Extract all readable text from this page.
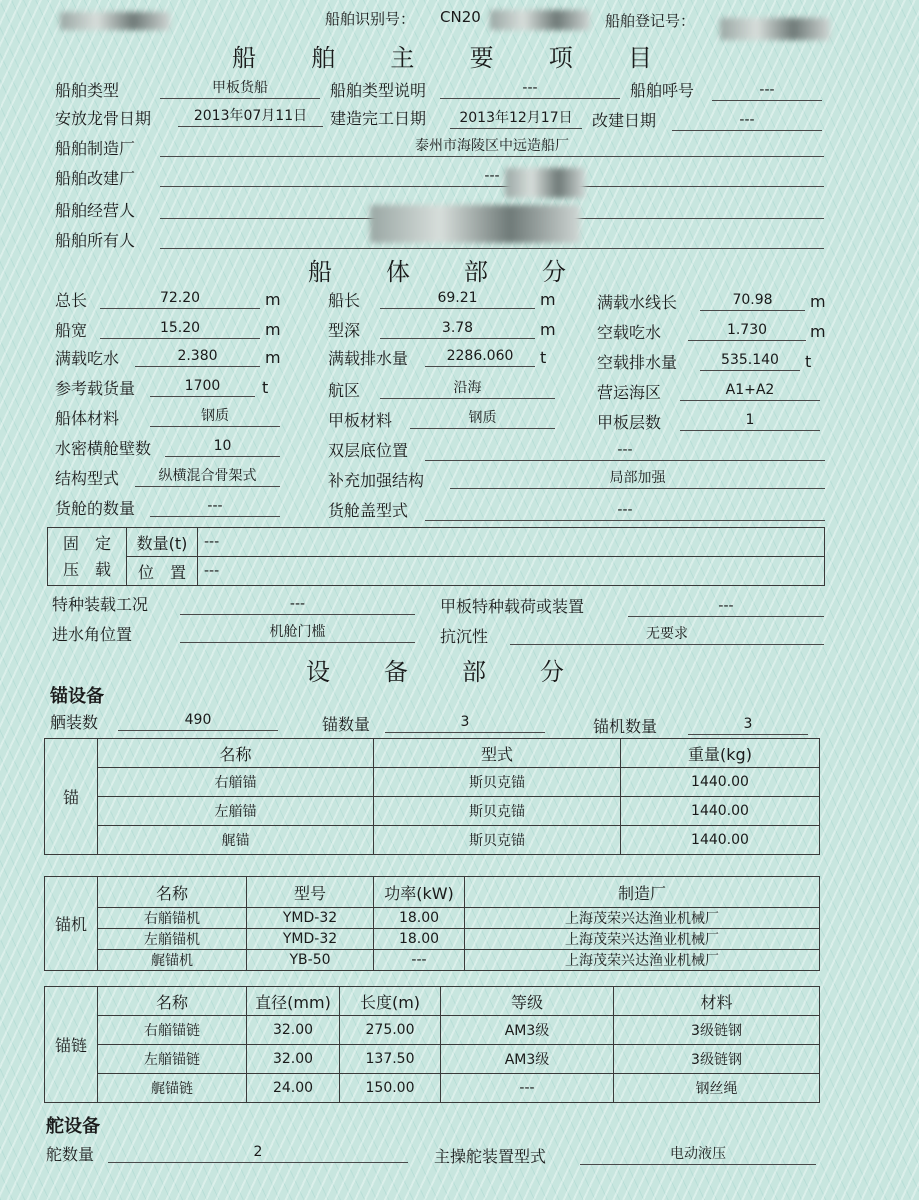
船舶识别号： CN20	船舶登记号：
船 舶 主 要 项 目
船舶类型	甲板货船	船舶类型说明	---	船舶呼号	---
安放龙骨日期	2013年07月11日	建造完工日期	2013年12月17日	改建日期	---
船舶制造厂	泰州市海陵区中远造船厂
船舶改建厂	---
船舶经营人
船舶所有人
船 体 部 分
总长	72.20	m	船长	69.21	m	满载水线长	70.98	m
船宽	15.20	m	型深	3.78	m	空载吃水	1.730	m
满载吃水	2.380	m	满载排水量	2286.060	t	空载排水量	535.140	t
参考载货量	1700	t	航区	沿海	营运海区	A1+A2
船体材料	钢质	甲板材料	钢质	甲板层数	1
水密横舱壁数	10	双层底位置	---
结构型式	纵横混合骨架式	补充加强结构	局部加强
货舱的数量	---	货舱盖型式	---
固　定
压　载	数量(t)	---
	位　置	---
特种装载工况	---	甲板特种载荷或装置	---
进水角位置	机舱门槛	抗沉性	无要求
设 备 部 分
锚设备
舾装数	490	锚数量	3	锚机数量	3
锚	名称	型式	重量(kg)
	右艏锚	斯贝克锚	1440.00
	左艏锚	斯贝克锚	1440.00
	艉锚	斯贝克锚	1440.00
锚机	名称	型号	功率(kW)	制造厂
	右艏锚机	YMD-32	18.00	上海茂荣兴达渔业机械厂
	左艏锚机	YMD-32	18.00	上海茂荣兴达渔业机械厂
	艉锚机	YB-50	---	上海茂荣兴达渔业机械厂
锚链	名称	直径(mm)	长度(m)	等级	材料
	右艏锚链	32.00	275.00	AM3级	3级链钢
	左艏锚链	32.00	137.50	AM3级	3级链钢
	艉锚链	24.00	150.00	---	钢丝绳
舵设备
舵数量	2	主操舵装置型式	电动液压
